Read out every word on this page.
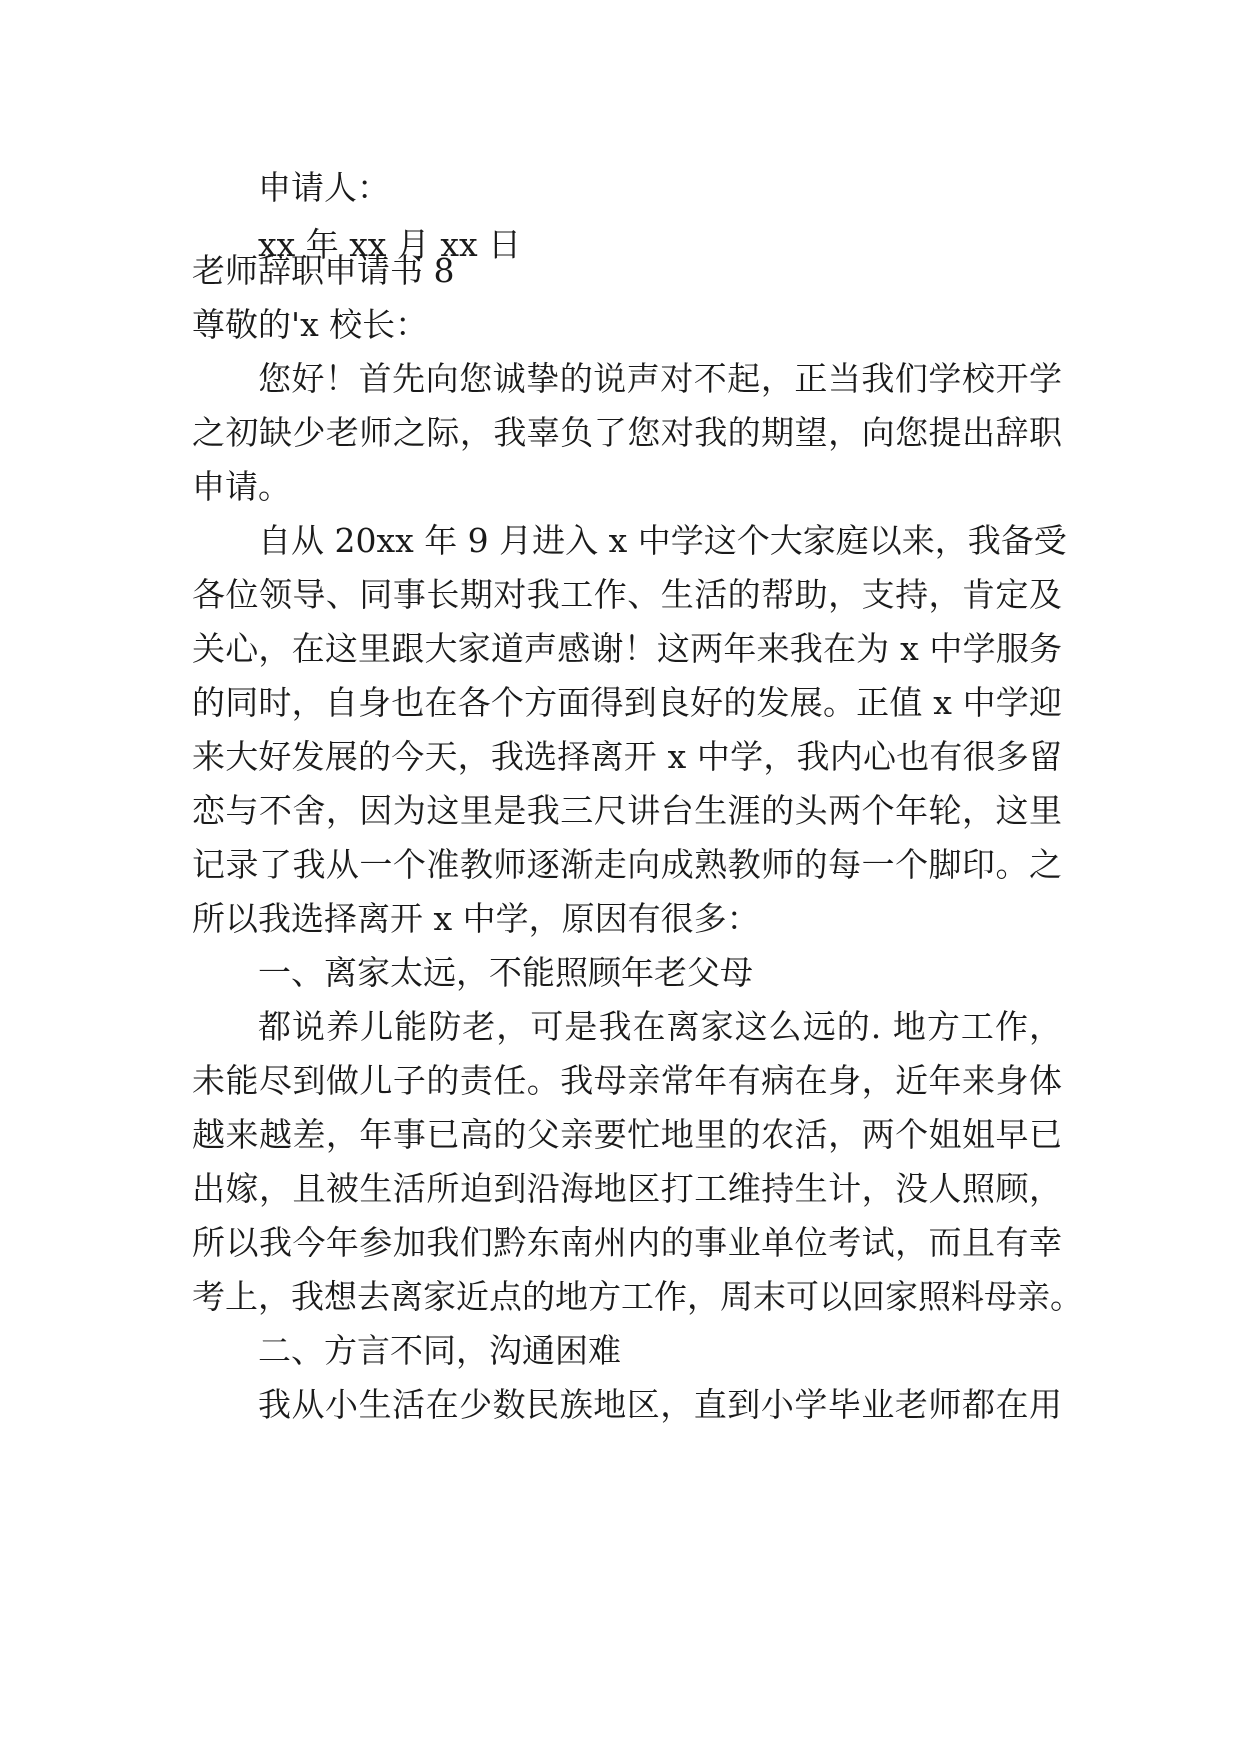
申请人：
xx 年 xx 月 xx 日
老师辞职申请书 8
尊敬的'x 校长：
您好！首先向您诚挚的说声对不起，正当我们学校开学
之初缺少老师之际，我辜负了您对我的期望，向您提出辞职
申请。
自从 20xx 年 9 月进入 x 中学这个大家庭以来，我备受
各位领导、同事长期对我工作、生活的帮助，支持，肯定及
关心，在这里跟大家道声感谢！这两年来我在为 x 中学服务
的同时，自身也在各个方面得到良好的发展。正值 x 中学迎
来大好发展的今天，我选择离开 x 中学，我内心也有很多留
恋与不舍，因为这里是我三尺讲台生涯的头两个年轮，这里
记录了我从一个准教师逐渐走向成熟教师的每一个脚印。之
所以我选择离开 x 中学，原因有很多：
一、离家太远，不能照顾年老父母
都说养儿能防老，可是我在离家这么远的. 地方工作，
未能尽到做儿子的责任。我母亲常年有病在身，近年来身体
越来越差，年事已高的父亲要忙地里的农活，两个姐姐早已
出嫁，且被生活所迫到沿海地区打工维持生计，没人照顾，
所以我今年参加我们黔东南州内的事业单位考试，而且有幸
考上，我想去离家近点的地方工作，周末可以回家照料母亲。
二、方言不同，沟通困难
我从小生活在少数民族地区，直到小学毕业老师都在用
